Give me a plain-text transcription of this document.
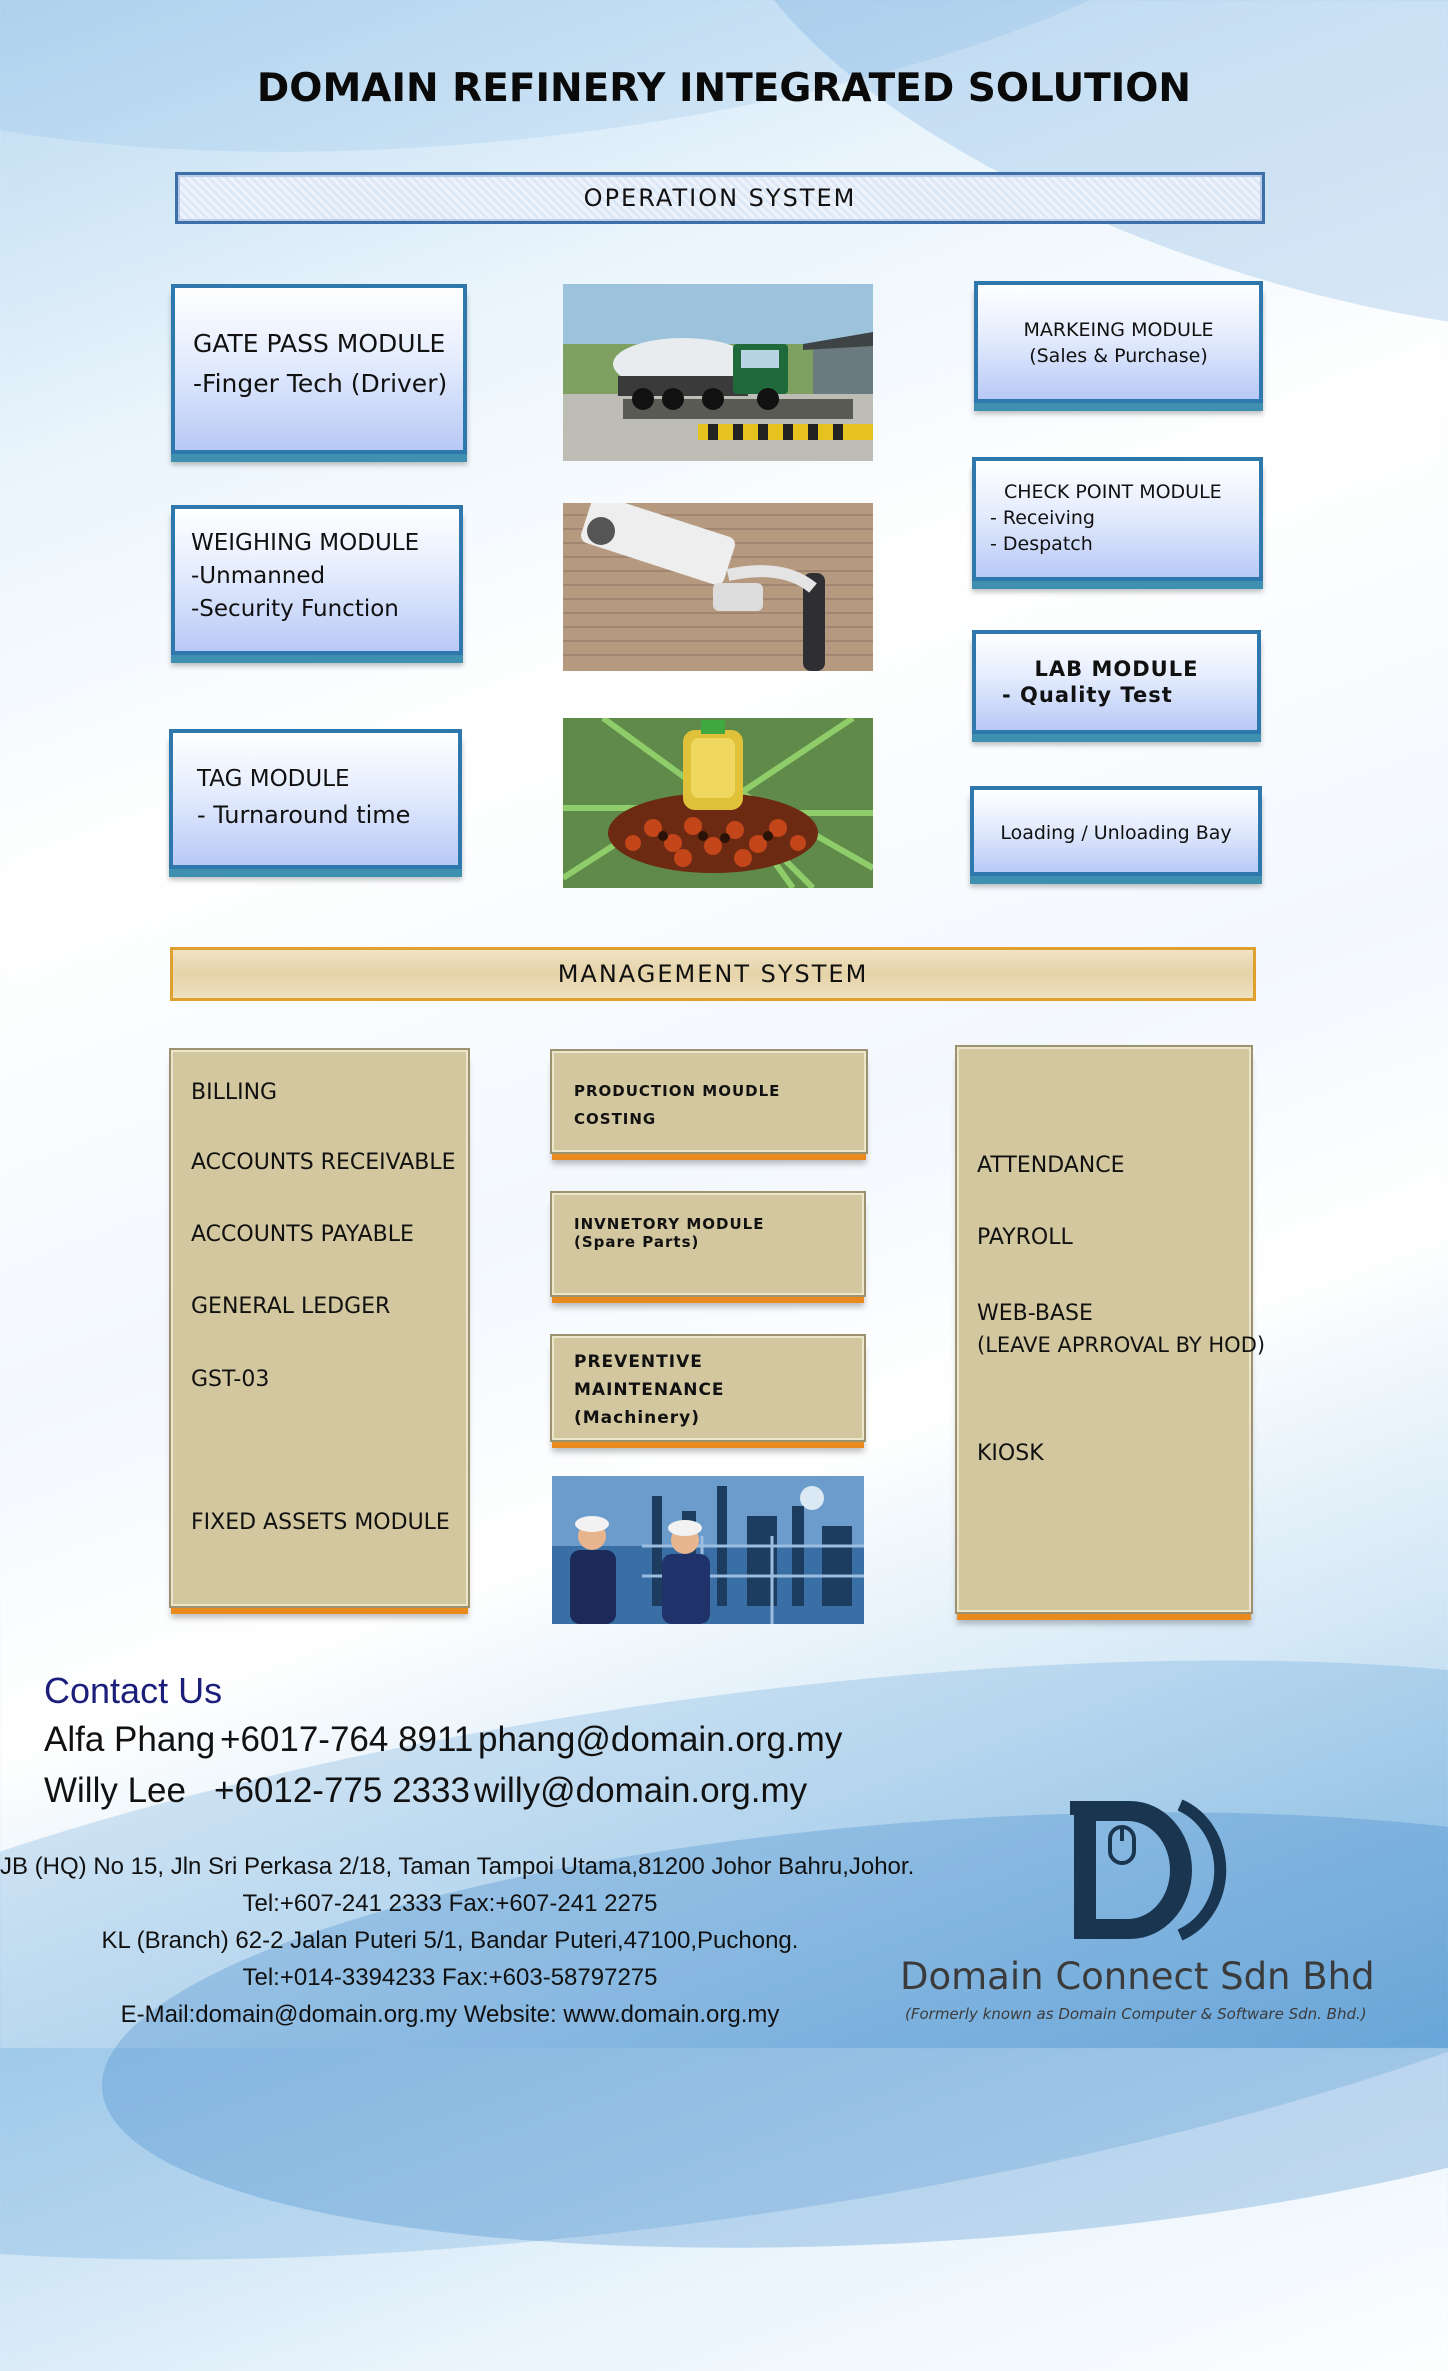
DOMAIN REFINERY INTEGRATED SOLUTION
OPERATION SYSTEM
GATE PASS MODULE
-Finger Tech (Driver)
WEIGHING MODULE
-Unmanned
-Security Function
TAG MODULE
- Turnaround time
MARKEING MODULE
(Sales & Purchase)
CHECK POINT MODULE
- Receiving
- Despatch
LAB MODULE
- Quality Test
Loading / Unloading Bay
MANAGEMENT SYSTEM
BILLING
ACCOUNTS RECEIVABLE
ACCOUNTS PAYABLE
GENERAL LEDGER
GST-03
FIXED ASSETS MODULE
PRODUCTION MOUDLE
COSTING
INVNETORY MODULE
(Spare Parts)
PREVENTIVE
MAINTENANCE
(Machinery)
ATTENDANCE
PAYROLL
WEB-BASE
(LEAVE APRROVAL BY HOD)
KIOSK
Contact Us
Alfa Phang +6017-764 8911 phang@domain.org.my
Willy Lee +6012-775 2333 willy@domain.org.my
JB (HQ) No 15, Jln Sri Perkasa 2/18, Taman Tampoi Utama,81200 Johor Bahru,Johor.
Tel:+607-241 2333 Fax:+607-241 2275
KL (Branch) 62-2 Jalan Puteri 5/1, Bandar Puteri,47100,Puchong.
Tel:+014-3394233 Fax:+603-58797275
E-Mail:domain@domain.org.my Website: www.domain.org.my
Domain Connect Sdn Bhd
(Formerly known as Domain Computer & Software Sdn. Bhd.)
